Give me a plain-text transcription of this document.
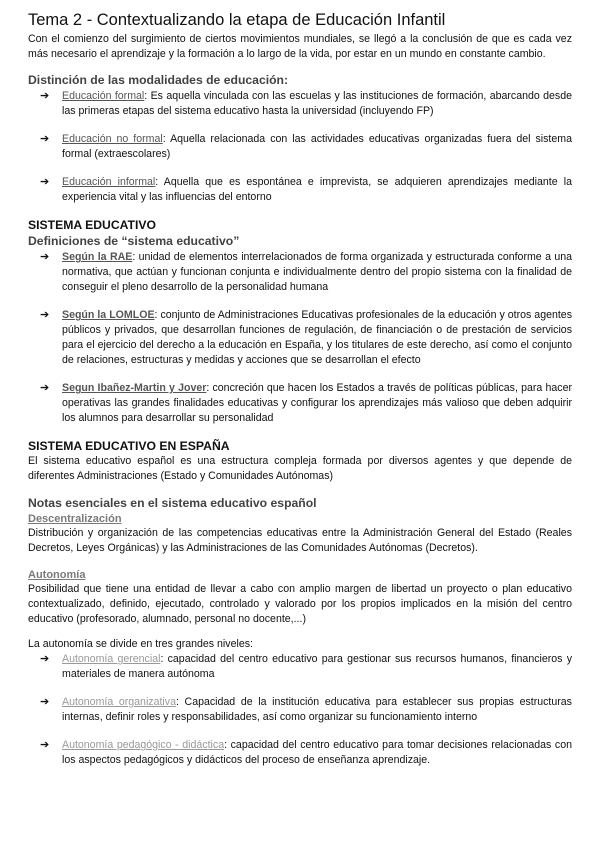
Tema 2 - Contextualizando la etapa de Educación Infantil

Con el comienzo del surgimiento de ciertos movimientos mundiales, se llegó a la conclusión de que es cada vez más necesario el aprendizaje y la formación a lo largo de la vida, por estar en un mundo en constante cambio.

Distinción de las modalidades de educación:
➔ Educación formal: Es aquella vinculada con las escuelas y las instituciones de formación, abarcando desde las primeras etapas del sistema educativo hasta la universidad (incluyendo FP)
➔ Educación no formal: Aquella relacionada con las actividades educativas organizadas fuera del sistema formal (extraescolares)
➔ Educación informal: Aquella que es espontánea e imprevista, se adquieren aprendizajes mediante la experiencia vital y las influencias del entorno
SISTEMA EDUCATIVO
Definiciones de “sistema educativo”
➔ Según la RAE: unidad de elementos interrelacionados de forma organizada y estructurada conforme a una normativa, que actúan y funcionan conjunta e individualmente dentro del propio sistema con la finalidad de conseguir el pleno desarrollo de la personalidad humana
➔ Según la LOMLOE: conjunto de Administraciones Educativas profesionales de la educación y otros agentes públicos y privados, que desarrollan funciones de regulación, de financiación o de prestación de servicios para el ejercicio del derecho a la educación en España, y los titulares de este derecho, así como el conjunto de relaciones, estructuras y medidas y acciones que se desarrollan el efecto
➔ Segun Ibañez-Martin y Jover: concreción que hacen los Estados a través de políticas públicas, para hacer operativas las grandes finalidades educativas y configurar los aprendizajes más valioso que deben adquirir los alumnos para desarrollar su personalidad
SISTEMA EDUCATIVO EN ESPAÑA

El sistema educativo español es una estructura compleja formada por diversos agentes y que depende de diferentes Administraciones (Estado y Comunidades Autónomas)

Notas esenciales en el sistema educativo español
Descentralización

Distribución y organización de las competencias educativas entre la Administración General del Estado (Reales Decretos, Leyes Orgánicas) y las Administraciones de las Comunidades Autónomas (Decretos).

Autonomía

Posibilidad que tiene una entidad de llevar a cabo con amplio margen de libertad un proyecto o plan educativo contextualizado, definido, ejecutado, controlado y valorado por los propios implicados en la misión del centro educativo (profesorado, alumnado, personal no docente,...)

La autonomía se divide en tres grandes niveles:

➔ Autonomía gerencial: capacidad del centro educativo para gestionar sus recursos humanos, financieros y materiales de manera autónoma
➔ Autonomía organizativa: Capacidad de la institución educativa para establecer sus propias estructuras internas, definir roles y responsabilidades, así como organizar su funcionamiento interno
➔ Autonomía pedagógico - didáctica: capacidad del centro educativo para tomar decisiones relacionadas con los aspectos pedagógicos y didácticos del proceso de enseñanza aprendizaje.
